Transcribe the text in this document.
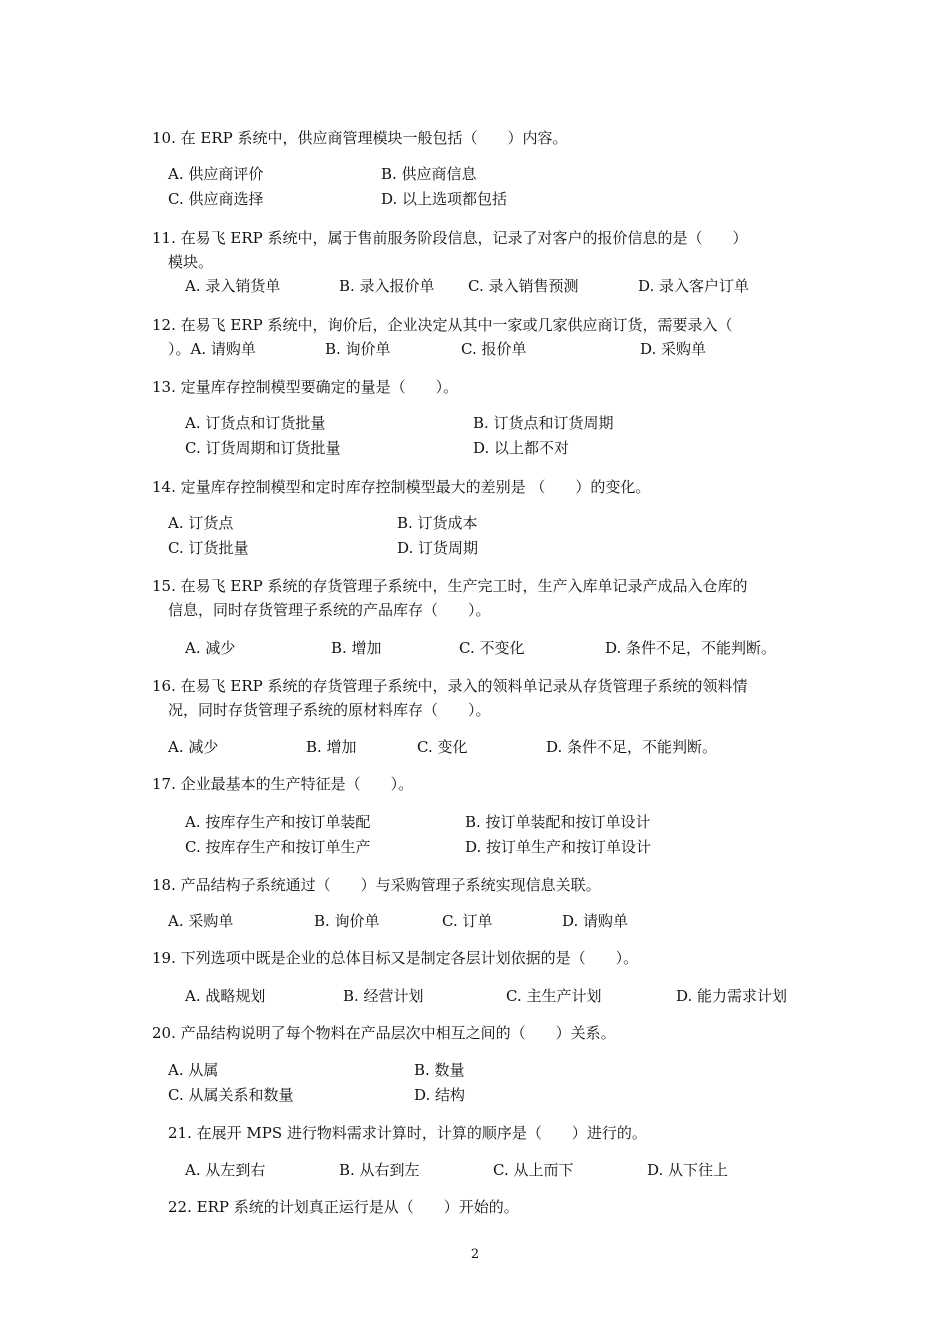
10. 在 ERP 系统中，供应商管理模块一般包括（　　）内容。
A. 供应商评价	B. 供应商信息
C. 供应商选择	D. 以上选项都包括
11. 在易飞 ERP 系统中，属于售前服务阶段信息，记录了对客户的报价信息的是（　　）
模块。
A. 录入销货单	B. 录入报价单 C. 录入销售预测	D. 录入客户订单
12. 在易飞 ERP 系统中，询价后，企业决定从其中一家或几家供应商订货，需要录入（
）。A. 请购单	B. 询价单	C. 报价单	D. 采购单
13. 定量库存控制模型要确定的量是（　　）。
A. 订货点和订货批量	B. 订货点和订货周期
C. 订货周期和订货批量	D. 以上都不对
14. 定量库存控制模型和定时库存控制模型最大的差别是 （　　）的变化。
A. 订货点	B. 订货成本
C. 订货批量	D. 订货周期
15. 在易飞 ERP 系统的存货管理子系统中，生产完工时，生产入库单记录产成品入仓库的
信息，同时存货管理子系统的产品库存（　　）。
A. 减少	B. 增加	C. 不变化	D. 条件不足，不能判断。
16. 在易飞 ERP 系统的存货管理子系统中，录入的领料单记录从存货管理子系统的领料情
况，同时存货管理子系统的原材料库存（　　）。
A. 减少	B. 增加	C. 变化	D. 条件不足，不能判断。
17. 企业最基本的生产特征是（　　）。
A. 按库存生产和按订单装配	B. 按订单装配和按订单设计
C. 按库存生产和按订单生产	D. 按订单生产和按订单设计
18. 产品结构子系统通过（　　）与采购管理子系统实现信息关联。
A. 采购单	B. 询价单	C. 订单	D. 请购单
19. 下列选项中既是企业的总体目标又是制定各层计划依据的是（　　）。
A. 战略规划	B. 经营计划	C. 主生产计划	D. 能力需求计划
20. 产品结构说明了每个物料在产品层次中相互之间的（　　）关系。
A. 从属	B. 数量
C. 从属关系和数量	D. 结构
21. 在展开 MPS 进行物料需求计算时，计算的顺序是（　　）进行的。
A. 从左到右	B. 从右到左	C. 从上而下	D. 从下往上
22. ERP 系统的计划真正运行是从（　　）开始的。
2
